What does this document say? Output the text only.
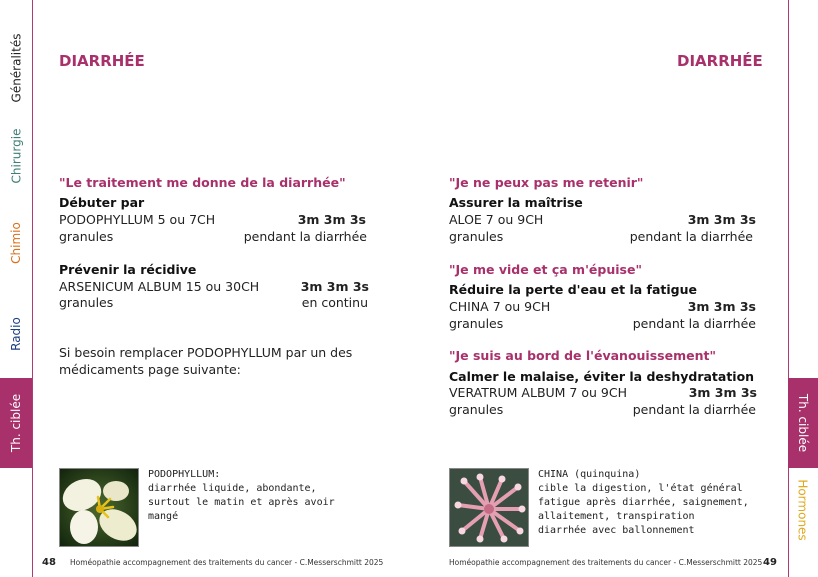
Généralités
Chirurgie
Chimio
Radio
Th. ciblée	Th. ciblée
Hormones
DIARRHÉE
"Le traitement me donne de la diarrhée"
Débuter par
PODOPHYLLUM 5 ou 7CH	3m 3m 3s
granules	pendant la diarrhée
Prévenir la récidive
ARSENICUM ALBUM 15 ou 30CH	3m 3m 3s
granules	en continu
Si besoin remplacer PODOPHYLLUM par un des médicaments page suivante:
PODOPHYLLUM:
diarrhée liquide, abondante,
surtout le matin et après avoir
mangé
48 Homéopathie accompagnement des traitements du cancer - C.Messerschmitt 2025
DIARRHÉE
"Je ne peux pas me retenir"
Assurer la maîtrise
ALOE 7 ou 9CH	3m 3m 3s
granules	pendant la diarrhée
"Je me vide et ça m'épuise"
Réduire la perte d'eau et la fatigue
CHINA 7 ou 9CH	3m 3m 3s
granules	pendant la diarrhée
"Je suis au bord de l'évanouissement"
Calmer le malaise, éviter la deshydratation
VERATRUM ALBUM 7 ou 9CH	3m 3m 3s
granules	pendant la diarrhée
CHINA (quinquina)
cible la digestion, l'état général
fatigue après diarrhée, saignement,
allaitement, transpiration
diarrhée avec ballonnement
Homéopathie accompagnement des traitements du cancer - C.Messerschmitt 2025 49
